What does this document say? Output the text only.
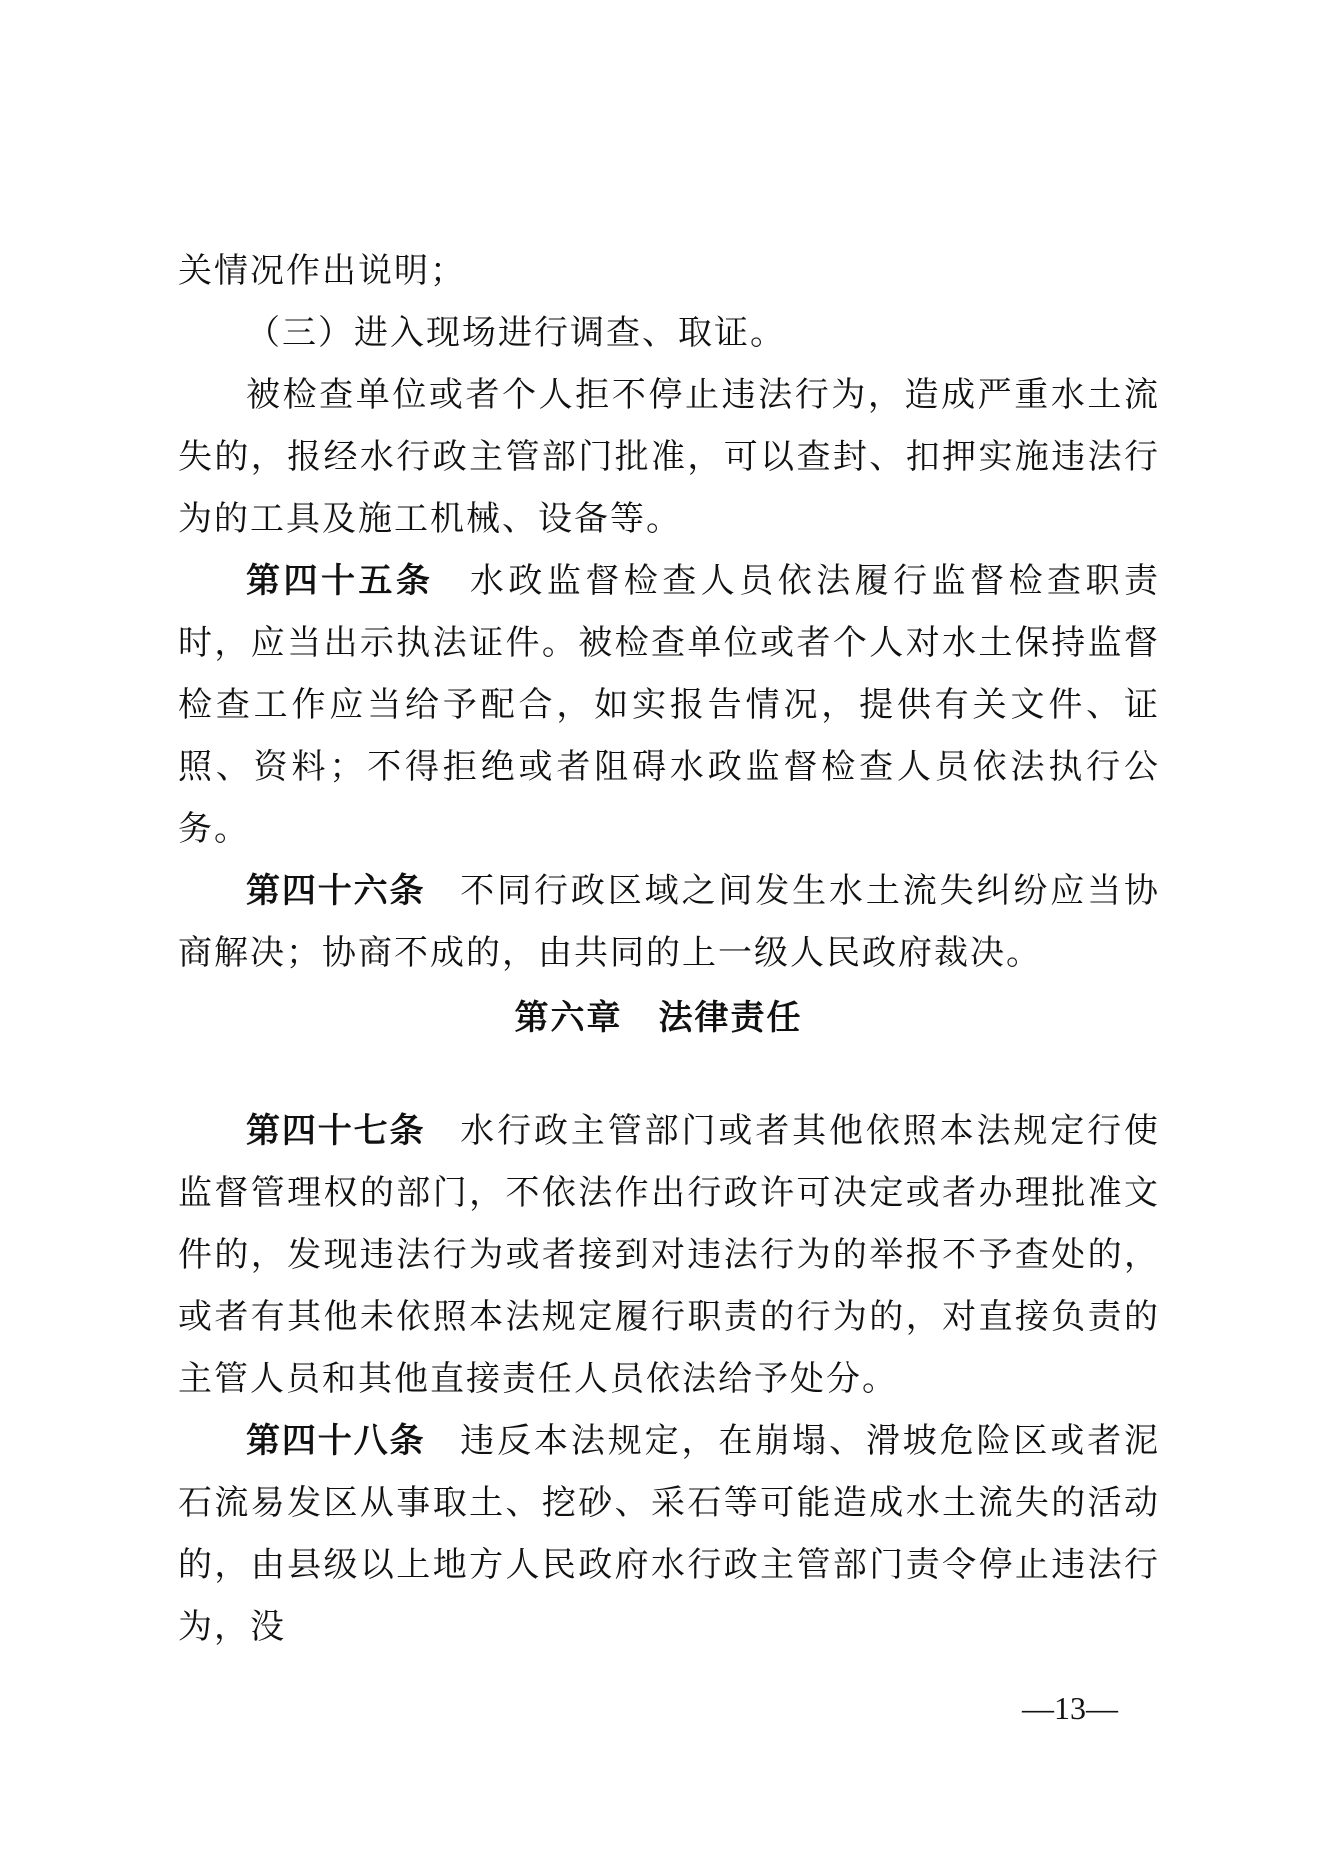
关情况作出说明；

（三）进入现场进行调查、取证。

被检查单位或者个人拒不停止违法行为，造成严重水土流失的，报经水行政主管部门批准，可以查封、扣押实施违法行为的工具及施工机械、设备等。

第四十五条 水政监督检查人员依法履行监督检查职责时，应当出示执法证件。被检查单位或者个人对水土保持监督检查工作应当给予配合，如实报告情况，提供有关文件、证照、资料；不得拒绝或者阻碍水政监督检查人员依法执行公务。

第四十六条 不同行政区域之间发生水土流失纠纷应当协商解决；协商不成的，由共同的上一级人民政府裁决。

第六章　法律责任

第四十七条 水行政主管部门或者其他依照本法规定行使监督管理权的部门，不依法作出行政许可决定或者办理批准文件的，发现违法行为或者接到对违法行为的举报不予查处的，或者有其他未依照本法规定履行职责的行为的，对直接负责的主管人员和其他直接责任人员依法给予处分。

第四十八条 违反本法规定，在崩塌、滑坡危险区或者泥石流易发区从事取土、挖砂、采石等可能造成水土流失的活动的，由县级以上地方人民政府水行政主管部门责令停止违法行为，没

—13—
